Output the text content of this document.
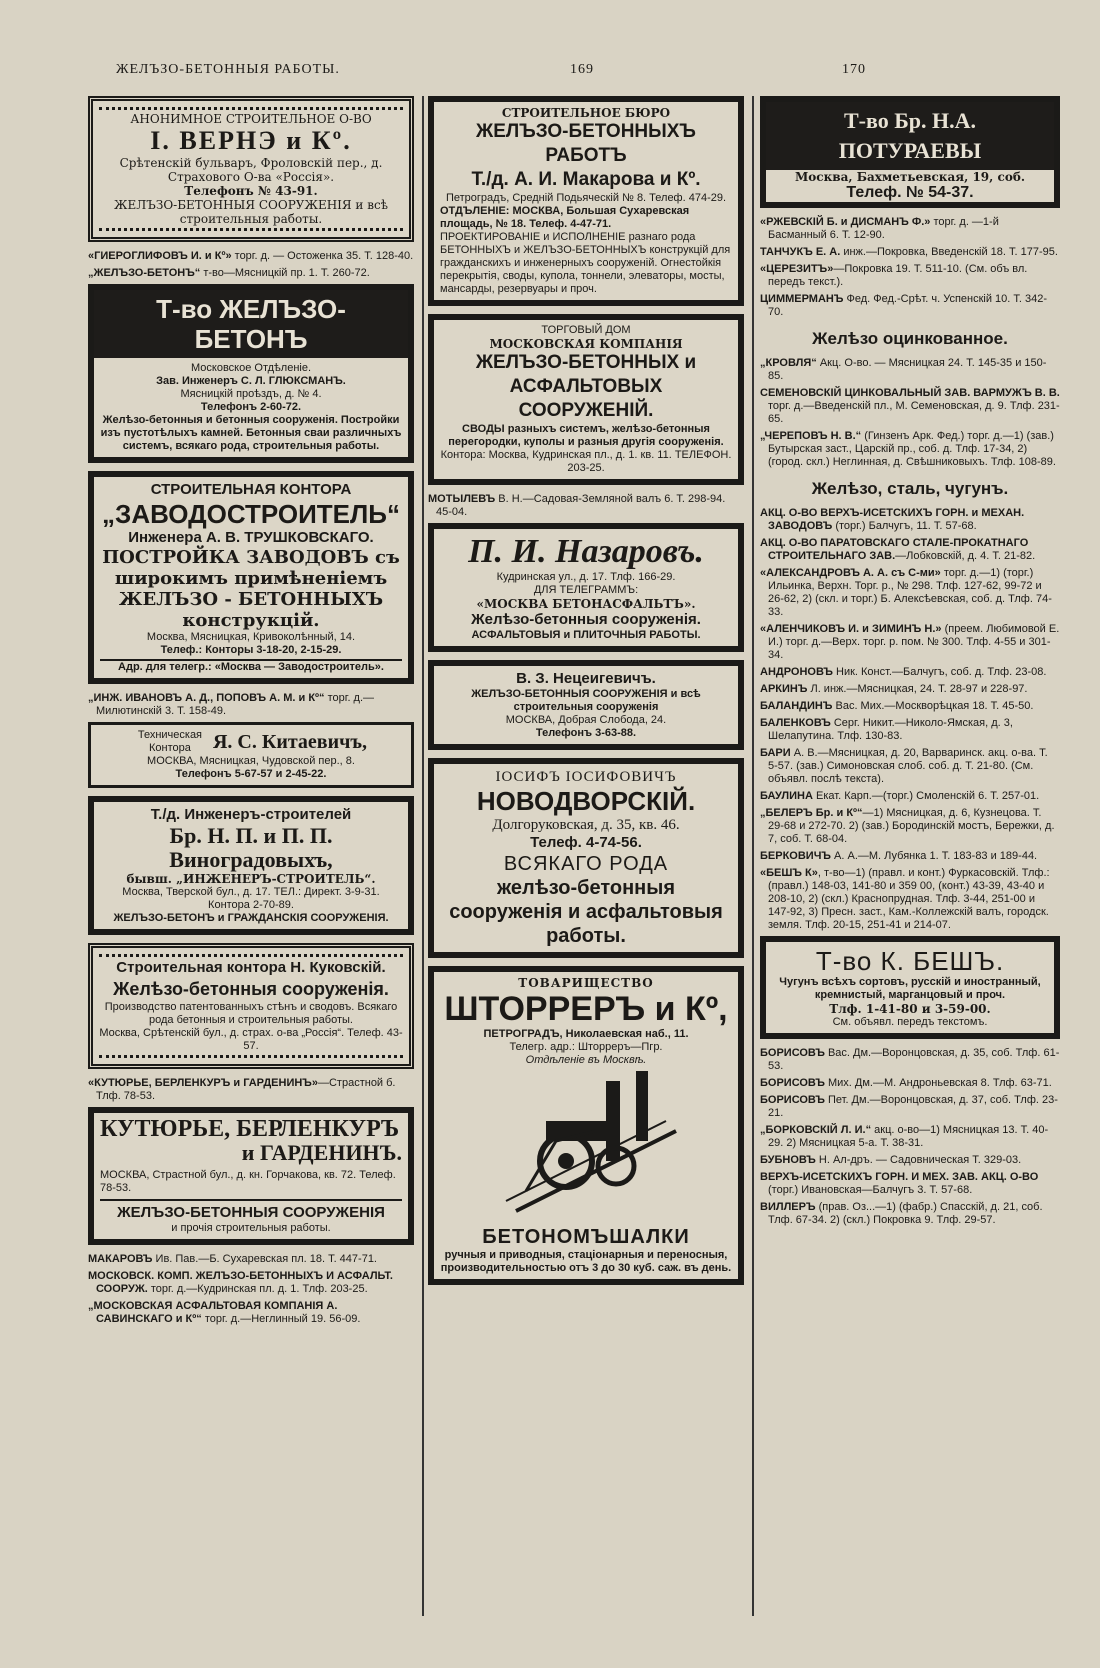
ЖЕЛЪЗО-БЕТОННЫЯ РАБОТЫ.	169	170
АНОНИМНОЕ СТРОИТЕЛЬНОЕ О-ВО
I. ВЕРНЭ и Кº.
Срѣтенскій бульваръ, Фроловскій пер., д. Страхового О-ва «Россія».
Телефонъ № 43-91.
ЖЕЛЪЗО-БЕТОННЫЯ СООРУЖЕНІЯ и всѣ строительныя работы.
«ГИЕРОГЛИФОВЪ И. и Кº» торг. д. — Остоженка 35. Т. 128-40.
„ЖЕЛЪЗО-БЕТОНЪ“ т-во—Мясницкій пр. 1. Т. 260-72.
Т-во ЖЕЛЪЗО-БЕТОНЪ
Московское Отдѣленіе.
Зав. Инженеръ С. Л. ГЛЮКСМАНЪ.
Мясницкій проѣздъ, д. № 4.
Телефонъ 2-60-72.
Желѣзо-бетонныя и бетонныя сооруженія. Постройки изъ пустотѣлыхъ камней. Бетонныя сваи различныхъ системъ, всякаго рода, строительныя работы.
СТРОИТЕЛЬНАЯ КОНТОРА
„ЗАВОДОСТРОИТЕЛЬ“
Инженера А. В. ТРУШКОВСКАГО.
ПОСТРОЙКА ЗАВОДОВЪ съ широкимъ примѣненіемъ ЖЕЛЪЗО - БЕТОННЫХЪ конструкцій.
Москва, Мясницкая, Кривоколѣнный, 14.
Телеф.: Конторы 3-18-20, 2-15-29.
Адр. для телегр.: «Москва — Заводостроитель».
„ИНЖ. ИВАНОВЪ А. Д., ПОПОВЪ А. М. и Кº“ торг. д.—Милютинскій 3. Т. 158-49.
Техническая Контора	Я. С. Китаевичъ,
МОСКВА, Мясницкая, Чудовской пер., 8.
Телефонъ 5-67-57 и 2-45-22.
Т./д. Инженеръ-строителей
Бр. Н. П. и П. П. Виноградовыхъ,
бывш. „ИНЖЕНЕРЪ-СТРОИТЕЛЬ“.
Москва, Тверской бул., д. 17. ТЕЛ.: Директ. 3-9-31. Контора 2-70-89.
ЖЕЛЪЗО-БЕТОНЪ и ГРАЖДАНСКІЯ СООРУЖЕНІЯ.
Строительная контора Н. Куковскій.
Желѣзо-бетонныя сооруженія.
Производство патентованныхъ стѣнъ и сводовъ. Всякаго рода бетонныя и строительныя работы.
Москва, Срѣтенскій бул., д. страх. о-ва „Россія“. Телеф. 43-57.
«КУТЮРЬЕ, БЕРЛЕНКУРЪ и ГАРДЕНИНЪ»—Страстной б. Тлф. 78-53.
КУТЮРЬЕ, БЕРЛЕНКУРЪ
и ГАРДЕНИНЪ.
МОСКВА, Страстной бул., д. кн. Горчакова, кв. 72. Телеф. 78-53.
ЖЕЛЪЗО-БЕТОННЫЯ СООРУЖЕНІЯ
и прочія строительныя работы.
МАКАРОВЪ Ив. Пав.—Б. Сухаревская пл. 18. Т. 447-71.
МОСКОВСК. КОМП. ЖЕЛЪЗО-БЕТОННЫХЪ И АСФАЛЬТ. СООРУЖ. торг. д.—Кудринская пл. д. 1. Тлф. 203-25.
„МОСКОВСКАЯ АСФАЛЬТОВАЯ КОМПАНІЯ А. САВИНСКАГО и Кº“ торг. д.—Неглинный 19. 56-09.
СТРОИТЕЛЬНОЕ БЮРО
ЖЕЛЪЗО-БЕТОННЫХЪ РАБОТЪ
Т./д. А. И. Макарова и Кº.
Петроградъ, Средній Подьяческій № 8. Телеф. 474-29.
ОТДЪЛЕНІЕ: МОСКВА, Большая Сухаревская площадь, № 18. Телеф. 4-47-71.
ПРОЕКТИРОВАНІЕ и ИСПОЛНЕНІЕ разнаго рода БЕТОННЫХЪ и ЖЕЛЪЗО-БЕТОННЫХЪ конструкцій для гражданскихъ и инженерныхъ сооруженій. Огнестойкія перекрытія, своды, купола, тоннели, элеваторы, мосты, мансарды, резервуары и проч.
ТОРГОВЫЙ ДОМ
МОСКОВСКАЯ КОМПАНІЯ
ЖЕЛЪЗО-БЕТОННЫХ и
АСФАЛЬТОВЫХ СООРУЖЕНІЙ.
СВОДЫ разныхъ системъ, желѣзо-бетонныя перегородки, куполы и разныя другія сооруженія.
Контора: Москва, Кудринская пл., д. 1. кв. 11. ТЕЛЕФОН. 203-25.
МОТЫЛЕВЪ В. Н.—Садовая-Земляной валъ 6. Т. 298-94. 45-04.
П. И. Назаровъ.
Кудринская ул., д. 17. Тлф. 166-29.
ДЛЯ ТЕЛЕГРАММЪ:
«МОСКВА БЕТОНАСФАЛЬТЪ».
Желѣзо-бетонныя сооруженія.
АСФАЛЬТОВЫЯ и ПЛИТОЧНЫЯ РАБОТЫ.
В. З. Нецеигевичъ.
ЖЕЛЪЗО-БЕТОННЫЯ СООРУЖЕНІЯ и всѣ строительныя сооруженія
МОСКВА, Добрая Слобода, 24.
Телефонъ 3-63-88.
ІОСИФЪ ІОСИФОВИЧЪ
НОВОДВОРСКІЙ.
Долгоруковская, д. 35, кв. 46.
Телеф. 4-74-56.
ВСЯКАГО РОДА
желѣзо-бетонныя сооруженія и асфальтовыя работы.
ТОВАРИЩЕСТВО
ШТОРРЕРЪ и Кº,
ПЕТРОГРАДЪ, Николаевская наб., 11.
Телегр. адр.: Штоpреръ—Пгр.
Отдѣленіе въ Москвѣ.
БЕТОНОМЪШАЛКИ
ручныя и приводныя, стаціонарныя и переносныя, производительностью отъ 3 до 30 куб. саж. въ день.
Т-во Бр. Н.А. ПОТУРАЕВЫ
Москва, Бахметьевская, 19, соб.
Телеф. № 54-37.
«РЖЕВСКІЙ Б. и ДИСМАНЪ Ф.» торг. д. —1-й Басманный 6. Т. 12-90.
ТАНЧУКЪ Е. А. инж.—Покровка, Введенскій 18. Т. 177-95.
«ЦЕРЕЗИТЪ»—Покровка 19. Т. 511-10. (См. объ вл. передъ текст.).
ЦИММЕРМАНЪ Фед. Фед.-Срѣт. ч. Успенскій 10. Т. 342-70.
Желѣзо оцинкованное.
„КРОВЛЯ“ Акц. О-во. — Мясницкая 24. Т. 145-35 и 150-85.
СЕМЕНОВСКІЙ ЦИНКОВАЛЬНЫЙ ЗАВ. ВАРМУЖЪ В. В. торг. д.—Введенскій пл., М. Семеновская, д. 9. Тлф. 231-65.
„ЧЕРЕПОВЪ Н. В.“ (Гинзенъ Арк. Фед.) торг. д.—1) (зав.) Бутырская заст., Царскій пр., соб. д. Тлф. 17-34, 2) (город. скл.) Неглинная, д. Свѣшниковыхъ. Тлф. 108-89.
Желѣзо, сталь, чугунъ.
АКЦ. О-ВО ВЕРХЪ-ИСЕТСКИХЪ ГОРН. и МЕХАН. ЗАВОДОВЪ (торг.) Балчугъ, 11. Т. 57-68.
АКЦ. О-ВО ПАРАТОВСКАГО СТАЛЕ-ПРОКАТНАГО СТРОИТЕЛЬНАГО ЗАВ.—Лобковскій, д. 4. Т. 21-82.
«АЛЕКСАНДРОВЪ А. А. съ С-ми» торг. д.—1) (торг.) Ильинка, Верхн. Торг. р., № 298. Тлф. 127-62, 99-72 и 26-62, 2) (скл. и торг.) Б. Алексѣевская, соб. д. Тлф. 74-33.
«АЛЕНЧИКОВЪ И. и ЗИМИНЪ Н.» (преем. Любимовой Е. И.) торг. д.—Верх. торг. р. пом. № 300. Тлф. 4-55 и 301-34.
АНДРОНОВЪ Ник. Конст.—Балчугъ, соб. д. Тлф. 23-08.
АРКИНЪ Л. инж.—Мясницкая, 24. Т. 28-97 и 228-97.
БАЛАНДИНЪ Вас. Мих.—Москворѣцкая 18. Т. 45-50.
БАЛЕНКОВЪ Серг. Никит.—Николо-Ямская, д. 3, Шелапутина. Тлф. 130-83.
БАРИ А. В.—Мясницкая, д. 20, Варваринск. акц. о-ва. Т. 5-57. (зав.) Симоновская слоб. соб. д. Т. 21-80. (См. объявл. послѣ текста).
БАУЛИНА Екат. Карп.—(торг.) Смоленскій 6. Т. 257-01.
„БЕЛЕРЪ Бр. и Кº“—1) Мясницкая, д. 6, Кузнецова. Т. 29-68 и 272-70. 2) (зав.) Бородинскій мостъ, Бережки, д. 7, соб. Т. 68-04.
БЕРКОВИЧЪ А. А.—М. Лубянка 1. Т. 183-83 и 189-44.
«БЕШЪ К», т-во—1) (правл. и конт.) Фуркасовскій. Тлф.: (правл.) 148-03, 141-80 и 359 00, (конт.) 43-39, 43-40 и 208-10, 2) (скл.) Краснопрудная. Тлф. 3-44, 251-00 и 147-92, 3) Пресн. заст., Кам.-Коллежскій валъ, городск. земля. Тлф. 20-15, 251-41 и 214-07.
Т-во К. БЕШЪ.
Чугунъ всѣхъ сортовъ, русскій и иностранный, кремнистый, марганцовый и проч.
Тлф. 1-41-80 и 3-59-00.
См. объявл. передъ текстомъ.
БОРИСОВЪ Вас. Дм.—Воронцовская, д. 35, соб. Тлф. 61-53.
БОРИСОВЪ Мих. Дм.—М. Андроньевская 8. Тлф. 63-71.
БОРИСОВЪ Пет. Дм.—Воронцовская, д. 37, соб. Тлф. 23-21.
„БОРКОВСКІЙ Л. И.“ акц. о-во—1) Мясницкая 13. Т. 40-29. 2) Мясницкая 5-а. Т. 38-31.
БУБНОВЪ Н. Ал-дръ. — Садовническая Т. 329-03.
ВЕРХЪ-ИСЕТСКИХЪ ГОРН. И МЕХ. ЗАВ. АКЦ. О-ВО (торг.) Ивановская—Балчугъ 3. Т. 57-68.
ВИЛЛЕРЪ (прав. Оз...—1) (фабр.) Спасскій, д. 21, соб. Тлф. 67-34. 2) (скл.) Покровка 9. Тлф. 29-57.
